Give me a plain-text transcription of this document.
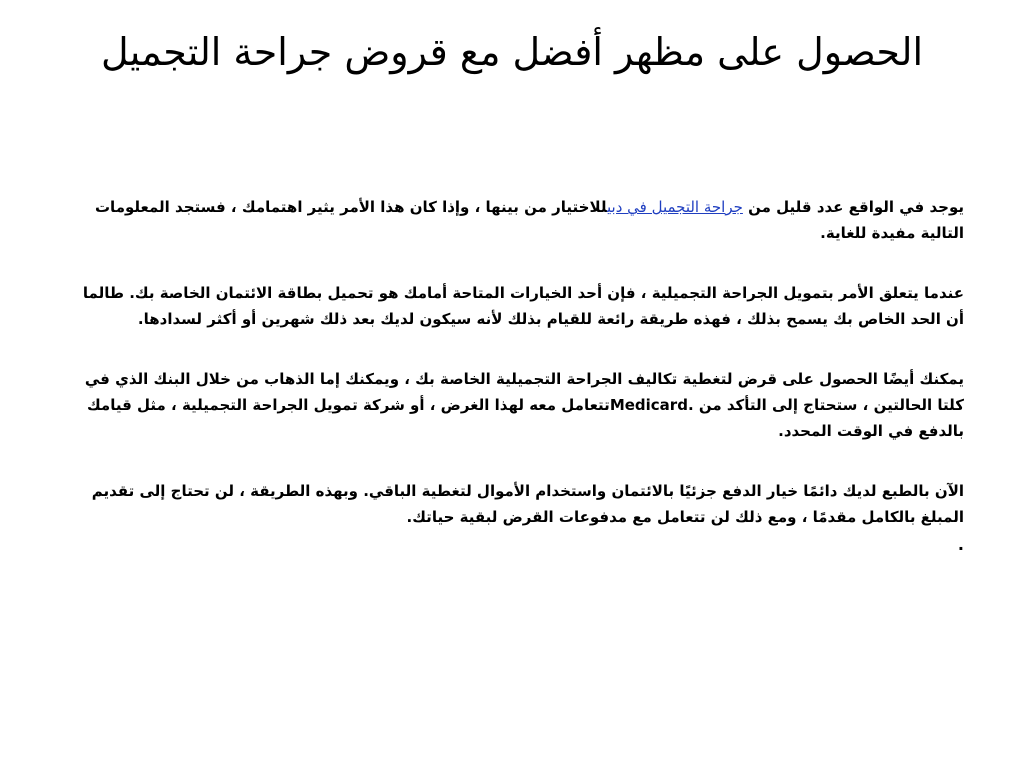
الحصول على مظهر أفضل مع قروض جراحة التجميل

يوجد في الواقع عدد قليل من جراحة التجميل في دبيللاختيار من بينها ، وإذا كان هذا الأمر يثير اهتمامك ، فستجد المعلومات التالية مفيدة للغاية.

عندما يتعلق الأمر بتمويل الجراحة التجميلية ، فإن أحد الخيارات المتاحة أمامك هو تحميل بطاقة الائتمان الخاصة بك. طالما أن الحد الخاص بك يسمح بذلك ، فهذه طريقة رائعة للقيام بذلك لأنه سيكون لديك بعد ذلك شهرين أو أكثر لسدادها.

يمكنك أيضًا الحصول على قرض لتغطية تكاليف الجراحة التجميلية الخاصة بك ، ويمكنك إما الذهاب من خلال البنك الذي في كلتا الحالتين ، ستحتاج إلى التأكد من Medicard.تتعامل معه لهذا الغرض ، أو شركة تمويل الجراحة التجميلية ، مثل قيامك بالدفع في الوقت المحدد.

الآن بالطبع لديك دائمًا خيار الدفع جزئيًا بالائتمان واستخدام الأموال لتغطية الباقي. وبهذه الطريقة ، لن تحتاج إلى تقديم المبلغ بالكامل مقدمًا ، ومع ذلك لن تتعامل مع مدفوعات القرض لبقية حياتك.

.
